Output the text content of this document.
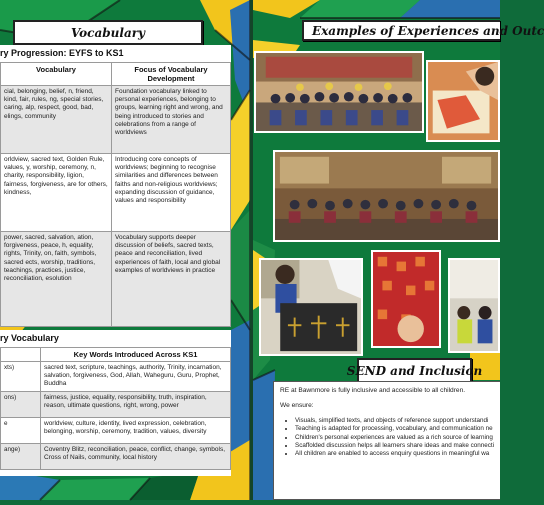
Vocabulary
ry Progression: EYFS to KS1
Vocabulary	Focus of Vocabulary Development
cial, belonging, belief, n, friend, kind, fair, rules, ng, special stories, caring, alp, respect, good, bad, elings, community	Foundation vocabulary linked to personal experiences, belonging to groups, learning right and wrong, and being introduced to stories and celebrations from a range of worldviews
orldview, sacred text, Golden Rule, values, y, worship, ceremony, n, charity, responsibility, ligion, fairness, forgiveness, are for others, kindness,	Introducing core concepts of worldviews; beginning to recognise similarities and differences between faiths and non-religious worldviews; expanding discussion of guidance, values and responsibility
power, sacred, salvation, ation, forgiveness, peace, h, equality, rights, Trinity, on, faith, symbols, sacred ects, worship, traditions, teachings, practices, justice, reconciliation, esolution	Vocabulary supports deeper discussion of beliefs, sacred texts, peace and reconciliation, lived experiences of faith, local and global examples of worldviews in practice
ry Vocabulary
	Key Words Introduced Across KS1
xts)	sacred text, scripture, teachings, authority, Trinity, incarnation, salvation, forgiveness, God, Allah, Waheguru, Guru, Prophet, Buddha
ons)	fairness, justice, equality, responsibility, truth, inspiration, reason, ultimate questions, right, wrong, power
e	worldview, culture, identity, lived expression, celebration, belonging, worship, ceremony, tradition, values, diversity
ange)	Coventry Blitz, reconciliation, peace, conflict, change, symbols, Cross of Nails, community, local history
Examples of Experiences and Outc
SEND and Inclusion

RE at Bawnmore is fully inclusive and accessible to all children.

We ensure:

• Visuals, simplified texts, and objects of reference support understandi
• Teaching is adapted for processing, vocabulary, and communication ne
• Children's personal experiences are valued as a rich source of learning
• Scaffolded discussion helps all learners share ideas and make connecti
• All children are enabled to access enquiry questions in meaningful wa
